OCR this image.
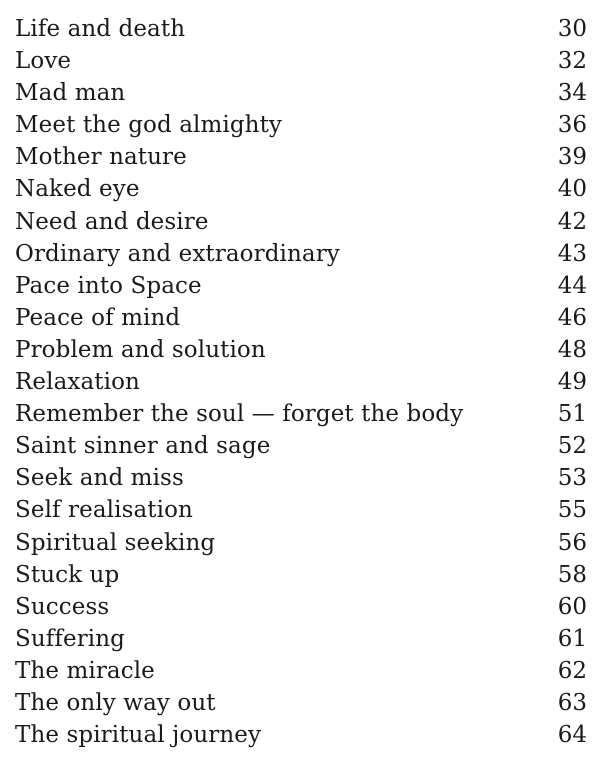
Life and death	30
Love	32
Mad man	34
Meet the god almighty	36
Mother nature	39
Naked eye	40
Need and desire	42
Ordinary and extraordinary	43
Pace into Space	44
Peace of mind	46
Problem and solution	48
Relaxation	49
Remember the soul — forget the body	51
Saint sinner and sage	52
Seek and miss	53
Self realisation	55
Spiritual seeking	56
Stuck up	58
Success	60
Suffering	61
The miracle	62
The only way out	63
The spiritual journey	64
